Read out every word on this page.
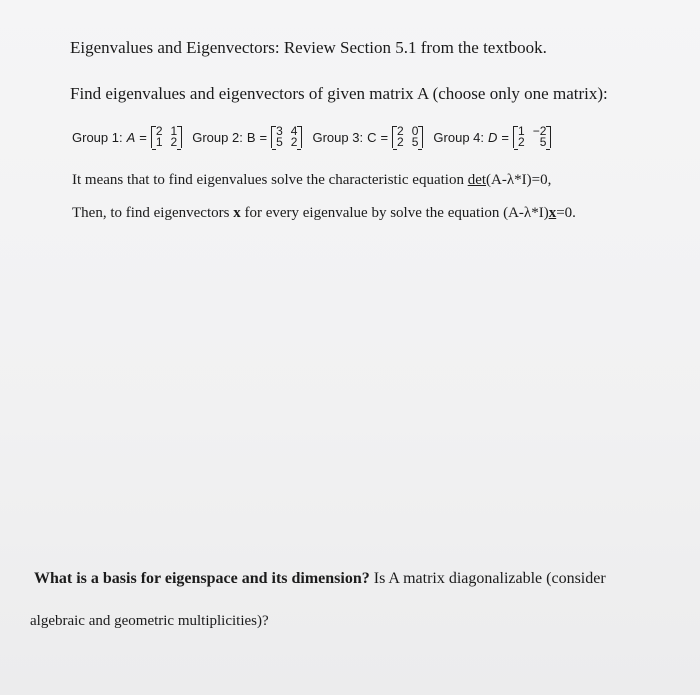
Eigenvalues and Eigenvectors: Review Section 5.1 from the textbook.
Find eigenvalues and eigenvectors of given matrix A (choose only one matrix):
Group 1: A = 2 1
1 2 Group 2: B = 3 4
5 2 Group 3: C = 2 0
2 5 Group 4: D = 1 −2
2	5
It means that to find eigenvalues solve the characteristic equation det(A-λ*I)=0,
Then, to find eigenvectors x for every eigenvalue by solve the equation (A-λ*I)x=0.
What is a basis for eigenspace and its dimension? Is A matrix diagonalizable (consider
algebraic and geometric multiplicities)?
